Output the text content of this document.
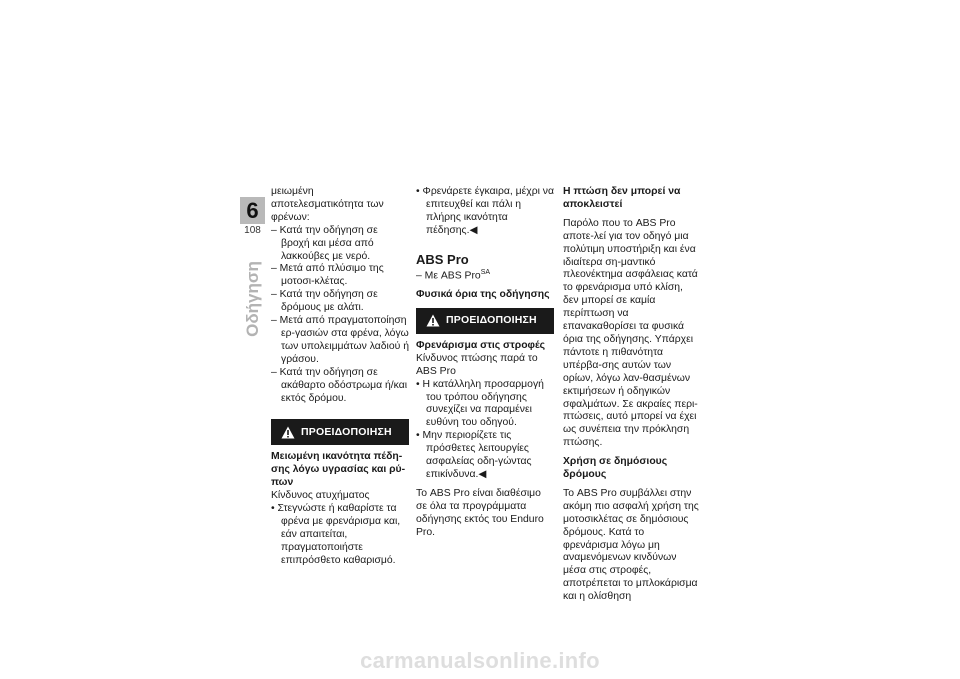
6
108
Οδήγηση

μειωμένη αποτελεσματικότητα των φρένων:

– Κατά την οδήγηση σε βροχή και μέσα από λακκούβες με νερό.

– Μετά από πλύσιμο της μοτοσι-κλέτας.

– Κατά την οδήγηση σε δρόμους με αλάτι.

– Μετά από πραγματοποίηση ερ-γασιών στα φρένα, λόγω των υπολειμμάτων λαδιού ή γράσου.

– Κατά την οδήγηση σε ακάθαρτο οδόστρωμα ή/και εκτός δρόμου.

ΠΡΟΕΙΔΟΠΟΙΗΣΗ

Μειωμένη ικανότητα πέδη-σης λόγω υγρασίας και ρύ-πων

Κίνδυνος ατυχήματος

• Στεγνώστε ή καθαρίστε τα φρένα με φρενάρισμα και, εάν απαιτείται, πραγματοποιήστε επιπρόσθετο καθαρισμό.

• Φρενάρετε έγκαιρα, μέχρι να επιτευχθεί και πάλι η πλήρης ικανότητα πέδησης.◀

ABS Pro

– Με ABS Pro$^{SA}$

Φυσικά όρια της οδήγησης

ΠΡΟΕΙΔΟΠΟΙΗΣΗ

Φρενάρισμα στις στροφές

Κίνδυνος πτώσης παρά το ABS Pro

• Η κατάλληλη προσαρμογή του τρόπου οδήγησης συνεχίζει να παραμένει ευθύνη του οδηγού.

• Μην περιορίζετε τις πρόσθετες λειτουργίες ασφαλείας οδη-γώντας επικίνδυνα.◀

Το ABS Pro είναι διαθέσιμο σε όλα τα προγράμματα οδήγησης εκτός του Enduro Pro.

Η πτώση δεν μπορεί να αποκλειστεί

Παρόλο που το ABS Pro αποτε-λεί για τον οδηγό μια πολύτιμη υποστήριξη και ένα ιδιαίτερα ση-μαντικό πλεονέκτημα ασφάλειας κατά το φρενάρισμα υπό κλίση, δεν μπορεί σε καμία περίπτωση να επανακαθορίσει τα φυσικά όρια της οδήγησης. Υπάρχει πάντοτε η πιθανότητα υπέρβα-σης αυτών των ορίων, λόγω λαν-θασμένων εκτιμήσεων ή οδηγικών σφαλμάτων. Σε ακραίες περι-πτώσεις, αυτό μπορεί να έχει ως συνέπεια την πρόκληση πτώσης.

Χρήση σε δημόσιους δρόμους

Το ABS Pro συμβάλλει στην ακόμη πιο ασφαλή χρήση της μοτοσικλέτας σε δημόσιους δρόμους. Κατά το φρενάρισμα λόγω μη αναμενόμενων κινδύνων μέσα στις στροφές, αποτρέπεται το μπλοκάρισμα και η ολίσθηση

carmanualsonline.info
